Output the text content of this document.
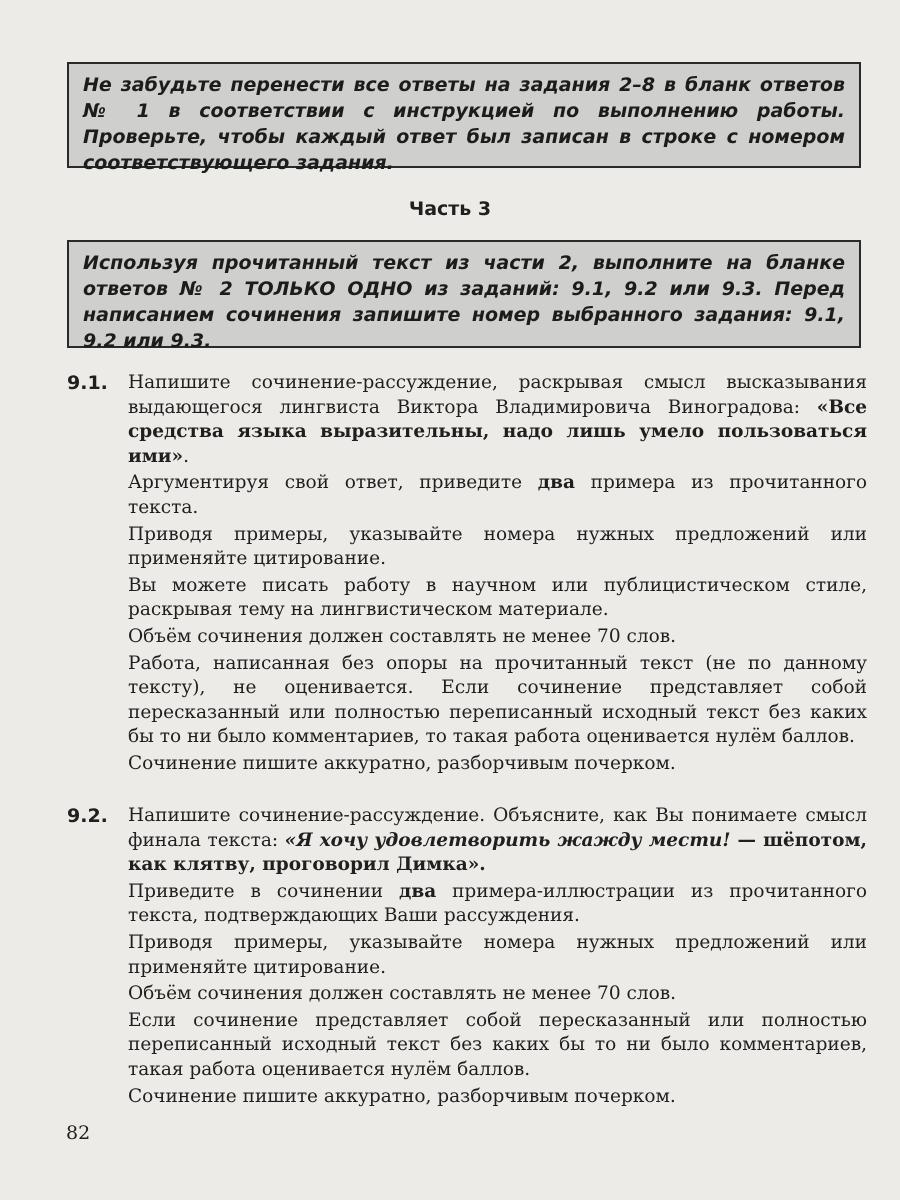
Не забудьте перенести все ответы на задания 2–8 в бланк ответов № 1 в соответствии с инструкцией по выполнению работы. Проверьте, чтобы каждый ответ был записан в строке с номером соответствующего задания.
Часть 3
Используя прочитанный текст из части 2, выполните на бланке ответов № 2 ТОЛЬКО ОДНО из заданий: 9.1, 9.2 или 9.3. Перед написанием сочинения запишите номер выбранного задания: 9.1, 9.2 или 9.3.
9.1. Напишите сочинение-рассуждение, раскрывая смысл высказывания выдающегося лингвиста Виктора Владимировича Виноградова: «Все средства языка выразительны, надо лишь умело пользоваться ими».

Аргументируя свой ответ, приведите два примера из прочитанного текста.

Приводя примеры, указывайте номера нужных предложений или применяйте цитирование.

Вы можете писать работу в научном или публицистическом стиле, раскрывая тему на лингвистическом материале.

Объём сочинения должен составлять не менее 70 слов.

Работа, написанная без опоры на прочитанный текст (не по данному тексту), не оценивается. Если сочинение представляет собой пересказанный или полностью переписанный исходный текст без каких бы то ни было комментариев, то такая работа оценивается нулём баллов.

Сочинение пишите аккуратно, разборчивым почерком.

9.2. Напишите сочинение-рассуждение. Объясните, как Вы понимаете смысл финала текста: «Я хочу удовлетворить жажду мести! — шёпотом, как клятву, проговорил Димка».

Приведите в сочинении два примера-иллюстрации из прочитанного текста, подтверждающих Ваши рассуждения.

Приводя примеры, указывайте номера нужных предложений или применяйте цитирование.

Объём сочинения должен составлять не менее 70 слов.

Если сочинение представляет собой пересказанный или полностью переписанный исходный текст без каких бы то ни было комментариев, такая работа оценивается нулём баллов.

Сочинение пишите аккуратно, разборчивым почерком.

82
